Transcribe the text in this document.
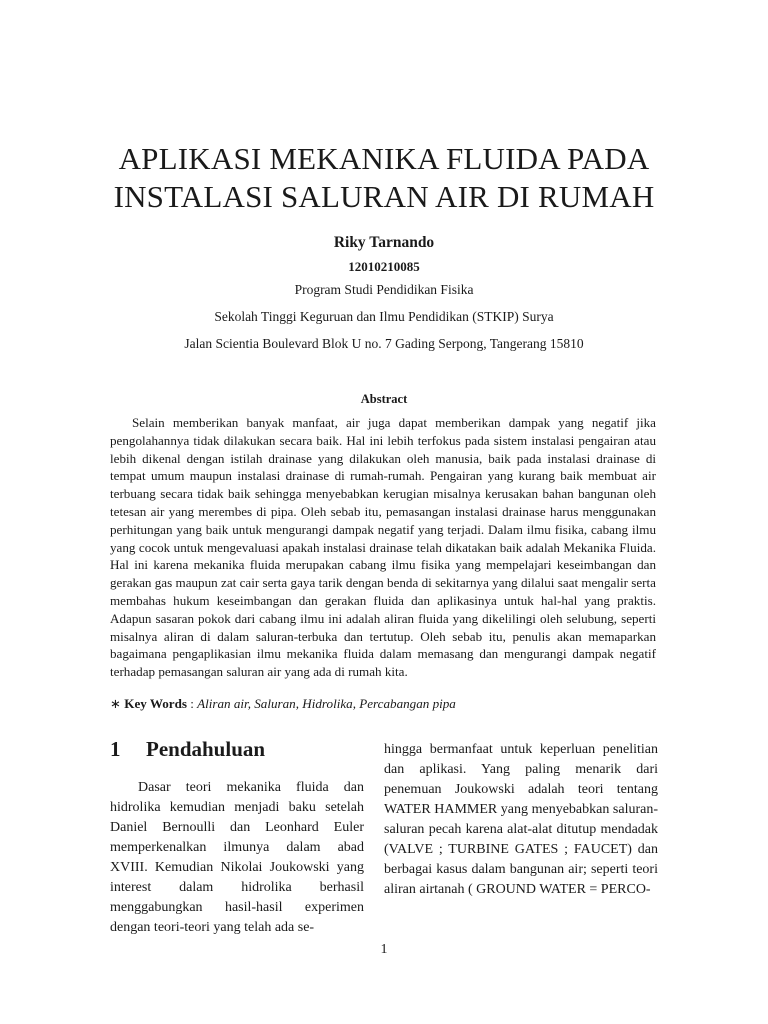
APLIKASI MEKANIKA FLUIDA PADA
INSTALASI SALURAN AIR DI RUMAH
Riky Tarnando
12010210085
Program Studi Pendidikan Fisika
Sekolah Tinggi Keguruan dan Ilmu Pendidikan (STKIP) Surya
Jalan Scientia Boulevard Blok U no. 7 Gading Serpong, Tangerang 15810
Abstract

Selain memberikan banyak manfaat, air juga dapat memberikan dampak yang negatif jika pengolahannya tidak dilakukan secara baik. Hal ini lebih terfokus pada sistem instalasi pengairan atau lebih dikenal dengan istilah drainase yang dilakukan oleh manusia, baik pada instalasi drainase di tempat umum maupun instalasi drainase di rumah-rumah. Pengairan yang kurang baik membuat air terbuang secara tidak baik sehingga menyebabkan kerugian misalnya kerusakan bahan bangunan oleh tetesan air yang merembes di pipa. Oleh sebab itu, pemasangan instalasi drainase harus menggunakan perhitungan yang baik untuk mengurangi dampak negatif yang terjadi. Dalam ilmu fisika, cabang ilmu yang cocok untuk mengevaluasi apakah instalasi drainase telah dikatakan baik adalah Mekanika Fluida. Hal ini karena mekanika fluida merupakan cabang ilmu fisika yang mempelajari keseimbangan dan gerakan gas maupun zat cair serta gaya tarik dengan benda di sekitarnya yang dilalui saat mengalir serta membahas hukum keseimbangan dan gerakan fluida dan aplikasinya untuk hal-hal yang praktis. Adapun sasaran pokok dari cabang ilmu ini adalah aliran fluida yang dikelilingi oleh selubung, seperti misalnya aliran di dalam saluran-terbuka dan tertutup. Oleh sebab itu, penulis akan memaparkan bagaimana pengaplikasian ilmu mekanika fluida dalam memasang dan mengurangi dampak negatif terhadap pemasangan saluran air yang ada di rumah kita.

∗ Key Words : Aliran air, Saluran, Hidrolika, Percabangan pipa
1 Pendahuluan

Dasar teori mekanika fluida dan hidrolika kemudian menjadi baku setelah Daniel Bernoulli dan Leonhard Euler memperkenalkan ilmunya dalam abad XVIII. Kemudian Nikolai Joukowski yang interest dalam hidrolika berhasil menggabungkan hasil-hasil experimen dengan teori-teori yang telah ada se-

hingga bermanfaat untuk keperluan penelitian dan aplikasi. Yang paling menarik dari penemuan Joukowski adalah teori tentang WATER HAMMER yang menyebabkan saluran-saluran pecah karena alat-alat ditutup mendadak (VALVE ; TURBINE GATES ; FAUCET) dan berbagai kasus dalam bangunan air; seperti teori aliran airtanah ( GROUND WATER = PERCO-

1
